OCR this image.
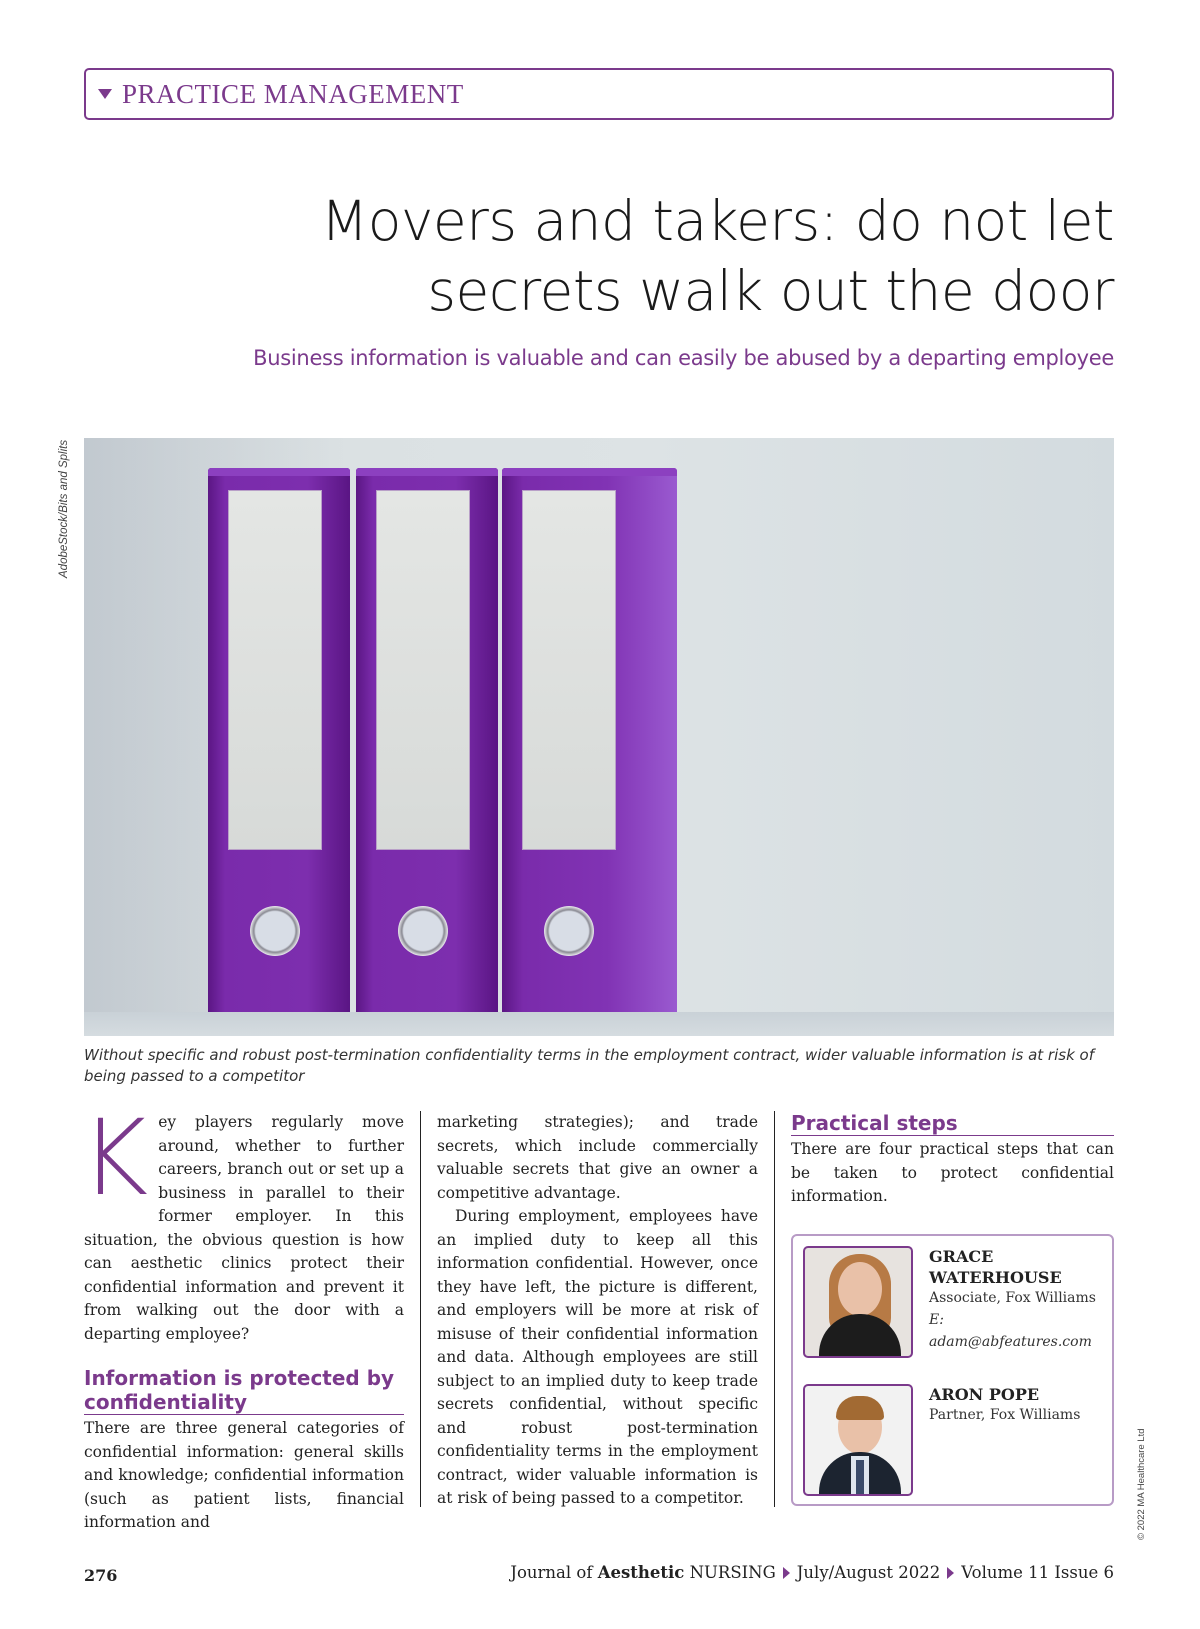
PRACTICE MANAGEMENT
Movers and takers: do not let
secrets walk out the door
Business information is valuable and can easily be abused by a departing employee
AdobeStock/Bits and Splits
Without specific and robust post-termination confidentiality terms in the employment contract, wider valuable information is at risk of being passed to a competitor

Key players regularly move around, whether to further careers, branch out or set up a business in parallel to their former employer. In this situation, the obvious question is how can aesthetic clinics protect their confidential information and prevent it from walking out the door with a departing employee?

Information is protected by confidentiality

There are three general categories of confidential information: general skills and knowledge; confidential information (such as patient lists, financial information and

marketing strategies); and trade secrets, which include commercially valuable secrets that give an owner a competitive advantage.

During employment, employees have an implied duty to keep all this information confidential. However, once they have left, the picture is different, and employers will be more at risk of misuse of their confidential information and data. Although employees are still subject to an implied duty to keep trade secrets confidential, without specific and robust post-termination confidentiality terms in the employment contract, wider valuable information is at risk of being passed to a competitor.

Practical steps

There are four practical steps that can be taken to protect confidential information.

GRACE WATERHOUSE
Associate, Fox Williams
E: adam@abfeatures.com
ARON POPE
Partner, Fox Williams
© 2022 MA Healthcare Ltd
276	Journal of Aesthetic NURSING July/August 2022 Volume 11 Issue 6
